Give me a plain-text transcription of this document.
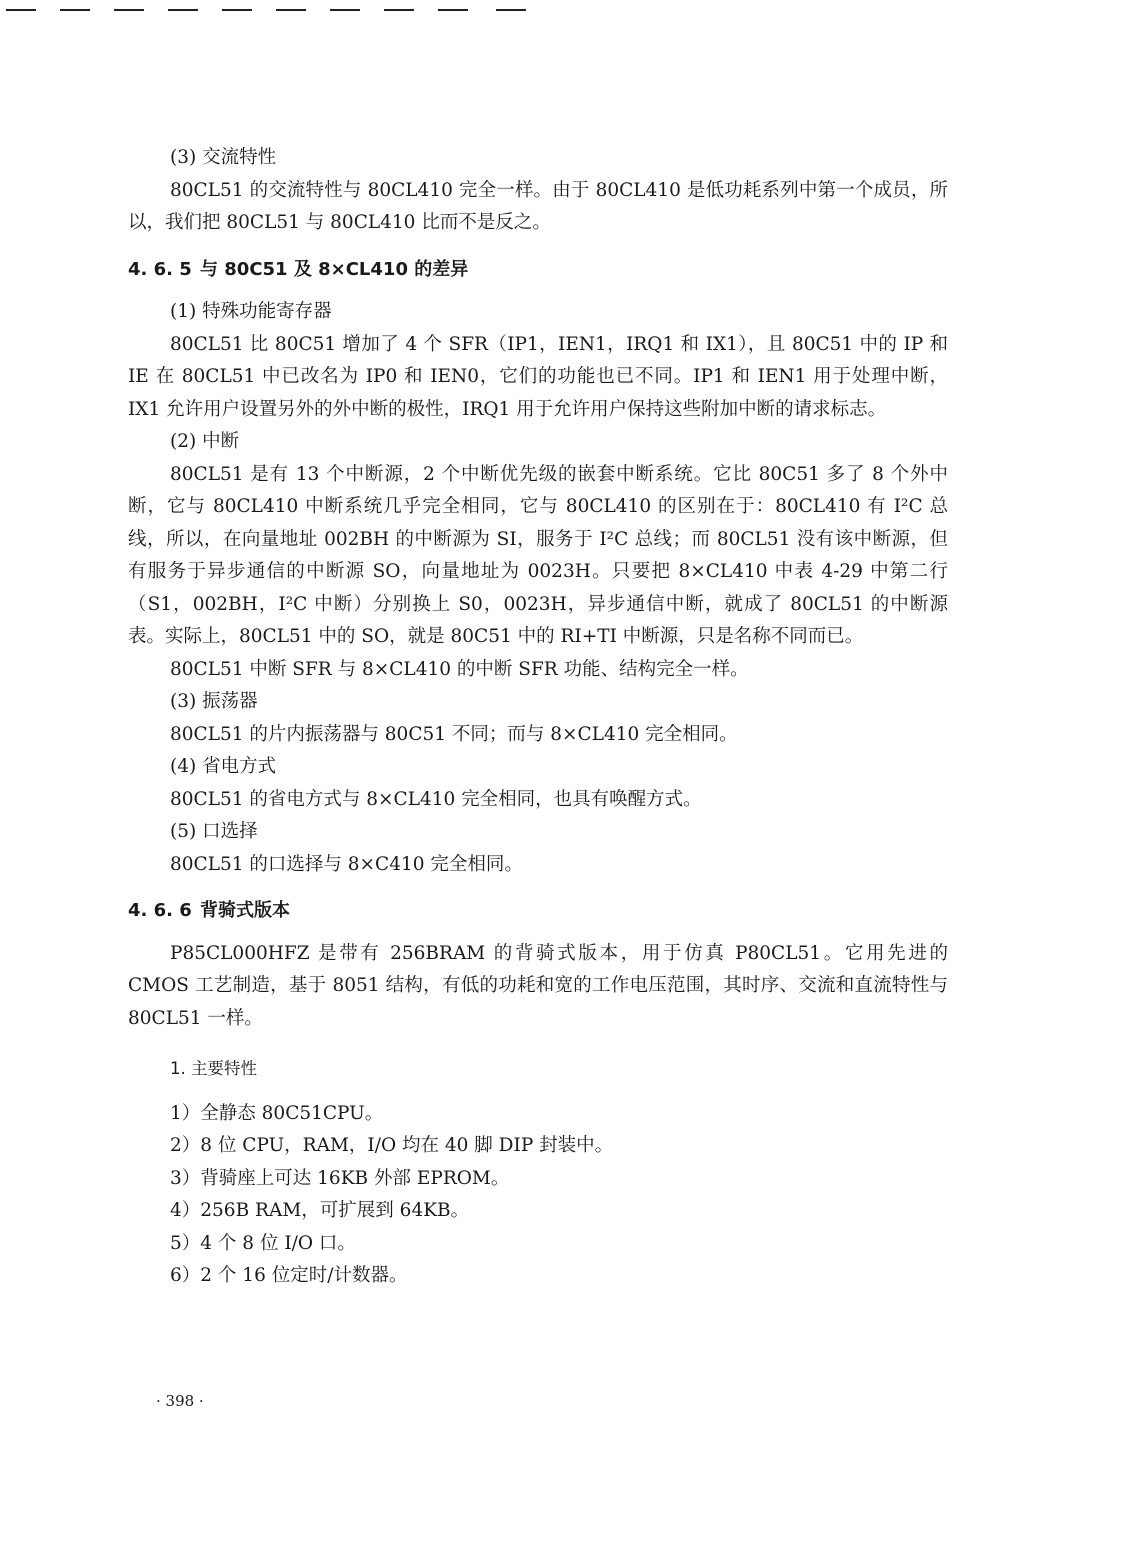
(3) 交流特性

80CL51 的交流特性与 80CL410 完全一样。由于 80CL410 是低功耗系列中第一个成员，所以，我们把 80CL51 与 80CL410 比而不是反之。

4. 6. 5 与 80C51 及 8×CL410 的差异

(1) 特殊功能寄存器

80CL51 比 80C51 增加了 4 个 SFR（IP1，IEN1，IRQ1 和 IX1），且 80C51 中的 IP 和 IE 在 80CL51 中已改名为 IP0 和 IEN0，它们的功能也已不同。IP1 和 IEN1 用于处理中断，IX1 允许用户设置另外的外中断的极性，IRQ1 用于允许用户保持这些附加中断的请求标志。

(2) 中断

80CL51 是有 13 个中断源，2 个中断优先级的嵌套中断系统。它比 80C51 多了 8 个外中断，它与 80CL410 中断系统几乎完全相同，它与 80CL410 的区别在于：80CL410 有 I²C 总线，所以，在向量地址 002BH 的中断源为 SI，服务于 I²C 总线；而 80CL51 没有该中断源，但有服务于异步通信的中断源 SO，向量地址为 0023H。只要把 8×CL410 中表 4-29 中第二行（S1，002BH，I²C 中断）分别换上 S0，0023H，异步通信中断，就成了 80CL51 的中断源表。实际上，80CL51 中的 SO，就是 80C51 中的 RI+TI 中断源，只是名称不同而已。

80CL51 中断 SFR 与 8×CL410 的中断 SFR 功能、结构完全一样。

(3) 振荡器

80CL51 的片内振荡器与 80C51 不同；而与 8×CL410 完全相同。

(4) 省电方式

80CL51 的省电方式与 8×CL410 完全相同，也具有唤醒方式。

(5) 口选择

80CL51 的口选择与 8×C410 完全相同。

4. 6. 6 背骑式版本

P85CL000HFZ 是带有 256BRAM 的背骑式版本，用于仿真 P80CL51。它用先进的 CMOS 工艺制造，基于 8051 结构，有低的功耗和宽的工作电压范围，其时序、交流和直流特性与 80CL51 一样。

1. 主要特性

1）全静态 80C51CPU。

2）8 位 CPU，RAM，I/O 均在 40 脚 DIP 封装中。

3）背骑座上可达 16KB 外部 EPROM。

4）256B RAM，可扩展到 64KB。

5）4 个 8 位 I/O 口。

6）2 个 16 位定时/计数器。

· 398 ·
